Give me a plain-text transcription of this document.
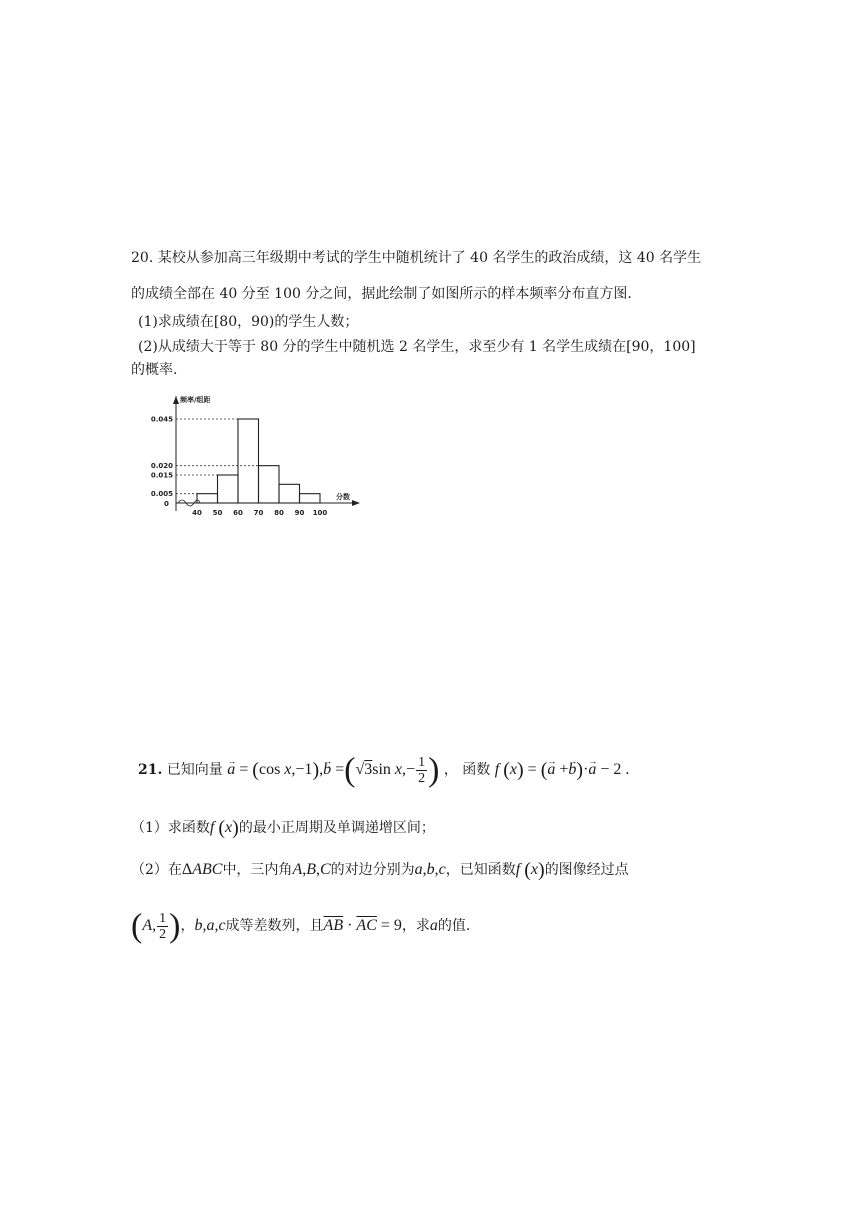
20. 某校从参加高三年级期中考试的学生中随机统计了 40 名学生的政治成绩，这 40 名学生
的成绩全部在 40 分至 100 分之间，据此绘制了如图所示的样本频率分布直方图.
(1)求成绩在[80，90)的学生人数；
(2)从成绩大于等于 80 分的学生中随机选 2 名学生，求至少有 1 名学生成绩在[90，100]
的概率.
频率/组距
0.005
0.015
0.020
0.045
0
40 50 60 70 80 90 100
分数
21. 已知向量 → a = (cos x,−1),→ b =(√3sin $x,- \frac{1}{2}$ ) ， 函数 f (x) = (→ a +→ b)·→ a − 2 .
（1）求函数f (x)的最小正周期及单调递增区间；
（2）在ΔABC中，三内角A,B,C的对边分别为a,b,c，已知函数f (x)的图像经过点
(A, $\frac{1}{2}$ )，b,a,c成等差数列，且$\overline{AB} \cdot \overline{AC} = 9$，求a的值.
